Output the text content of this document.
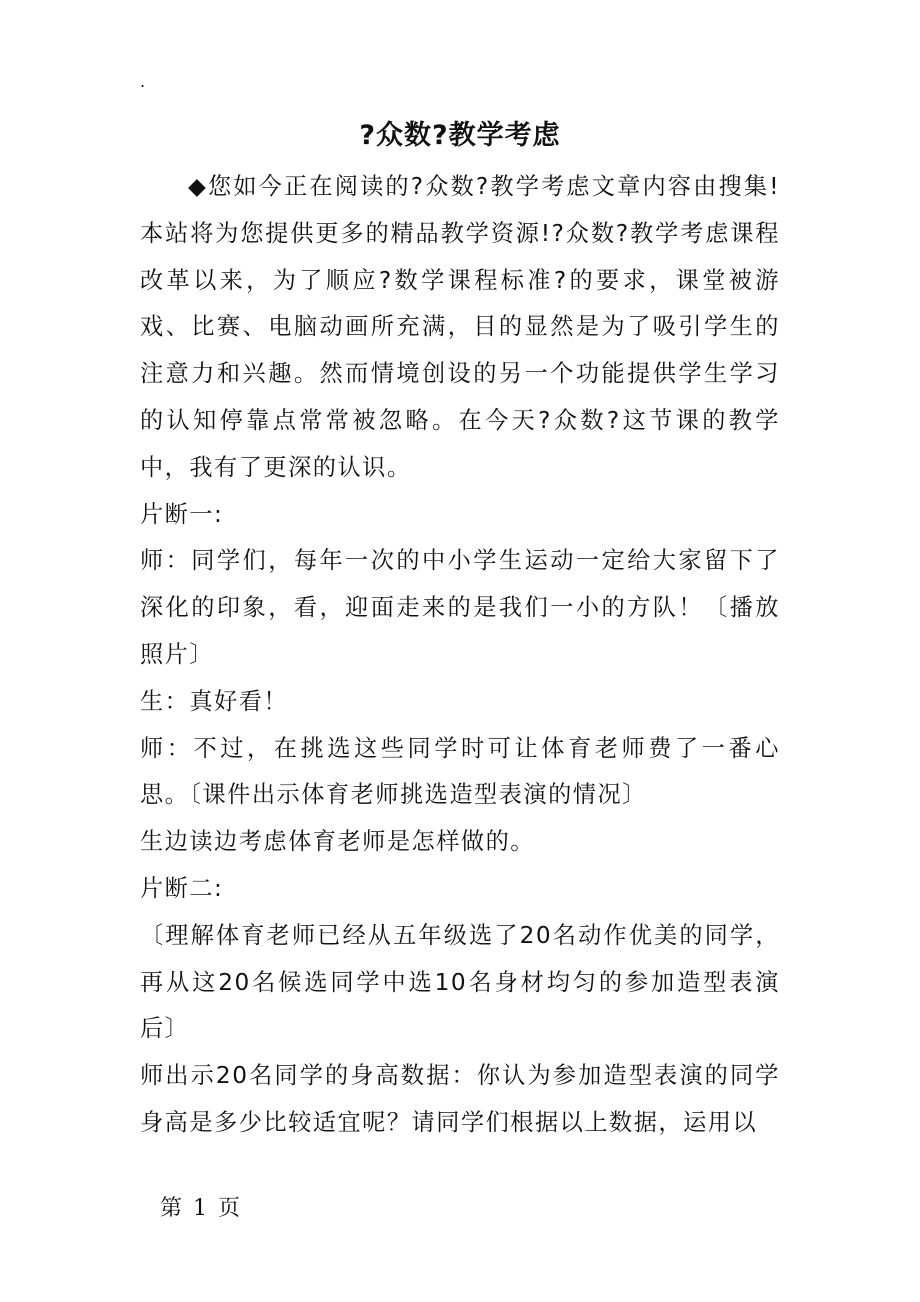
.
?众数?教学考虑

◆您如今正在阅读的?众数?教学考虑文章内容由搜集!本站将为您提供更多的精品教学资源!?众数?教学考虑课程改革以来，为了顺应?数学课程标准?的要求，课堂被游戏、比赛、电脑动画所充满，目的显然是为了吸引学生的注意力和兴趣。然而情境创设的另一个功能提供学生学习的认知停靠点常常被忽略。在今天?众数?这节课的教学中，我有了更深的认识。

片断一:

师：同学们，每年一次的中小学生运动一定给大家留下了深化的印象，看，迎面走来的是我们一小的方队！〔播放照片〕

生：真好看！

师：不过，在挑选这些同学时可让体育老师费了一番心思。〔课件出示体育老师挑选造型表演的情况〕

生边读边考虑体育老师是怎样做的。

片断二:

〔理解体育老师已经从五年级选了20名动作优美的同学，再从这20名候选同学中选10名身材均匀的参加造型表演后〕

师出示20名同学的身高数据：你认为参加造型表演的同学身高是多少比较适宜呢？请同学们根据以上数据，运用以

第 1 页
